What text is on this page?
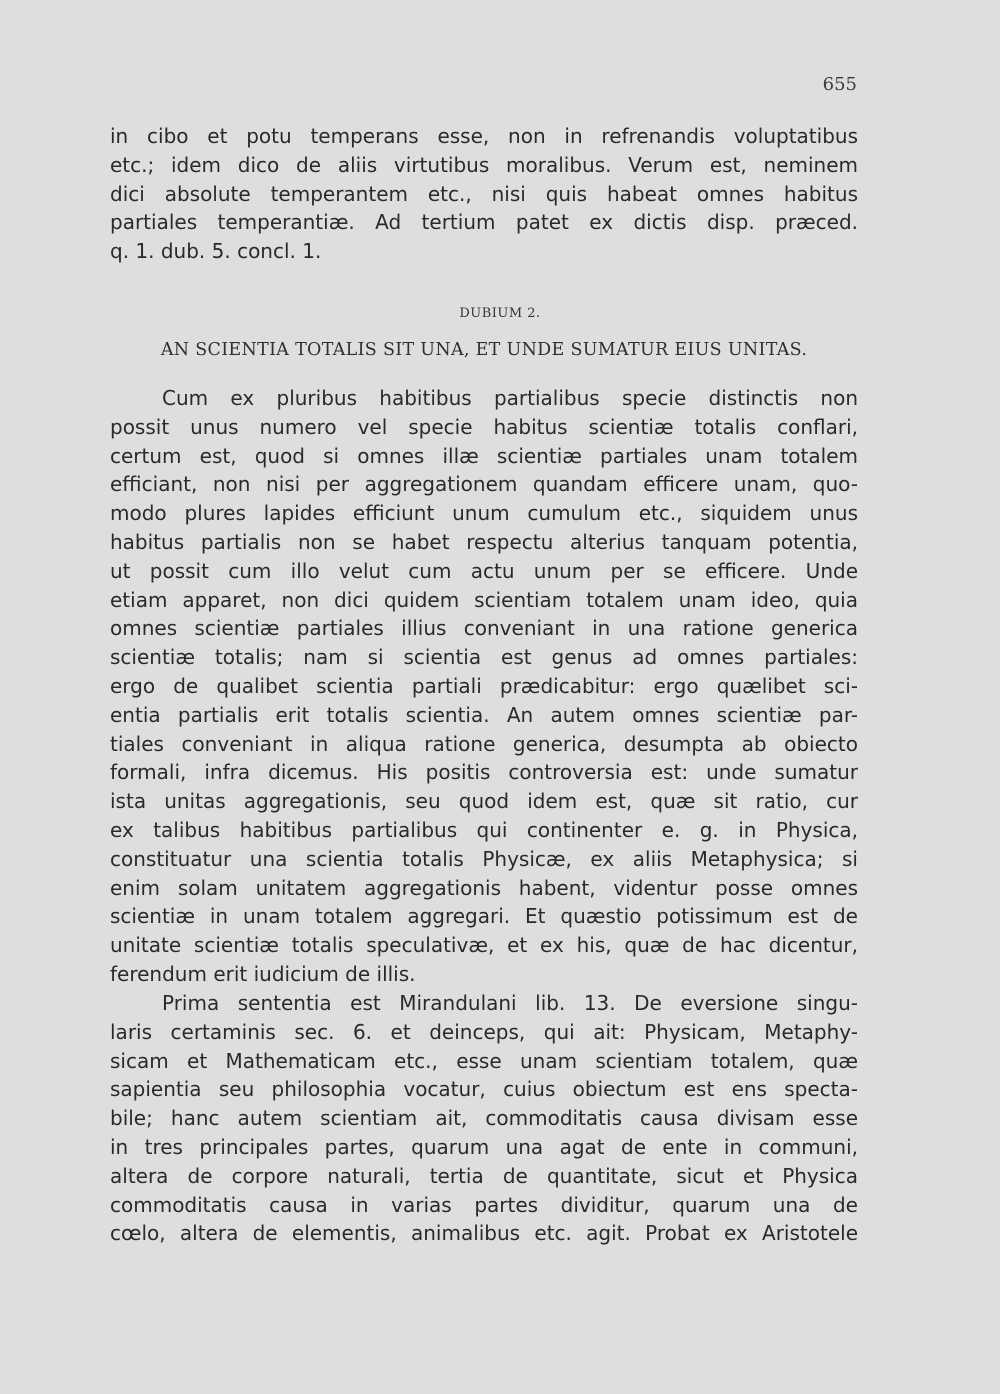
655
in cibo et potu temperans esse, non in refrenandis voluptatibus
etc.; idem dico de aliis virtutibus moralibus. Verum est, neminem
dici absolute temperantem etc., nisi quis habeat omnes habitus
partiales temperantiæ. Ad tertium patet ex dictis disp. præced.
q. 1. dub. 5. concl. 1.
DUBIUM 2.
AN SCIENTIA TOTALIS SIT UNA, ET UNDE SUMATUR EIUS UNITAS.
Cum ex pluribus habitibus partialibus specie distinctis non
possit unus numero vel specie habitus scientiæ totalis conflari,
certum est, quod si omnes illæ scientiæ partiales unam totalem
efficiant, non nisi per aggregationem quandam efficere unam, quo-
modo plures lapides efficiunt unum cumulum etc., siquidem unus
habitus partialis non se habet respectu alterius tanquam potentia,
ut possit cum illo velut cum actu unum per se efficere. Unde
etiam apparet, non dici quidem scientiam totalem unam ideo, quia
omnes scientiæ partiales illius conveniant in una ratione generica
scientiæ totalis; nam si scientia est genus ad omnes partiales:
ergo de qualibet scientia partiali prædicabitur: ergo quælibet sci-
entia partialis erit totalis scientia. An autem omnes scientiæ par-
tiales conveniant in aliqua ratione generica, desumpta ab obiecto
formali, infra dicemus. His positis controversia est: unde sumatur
ista unitas aggregationis, seu quod idem est, quæ sit ratio, cur
ex talibus habitibus partialibus qui continenter e. g. in Physica,
constituatur una scientia totalis Physicæ, ex aliis Metaphysica; si
enim solam unitatem aggregationis habent, videntur posse omnes
scientiæ in unam totalem aggregari. Et quæstio potissimum est de
unitate scientiæ totalis speculativæ, et ex his, quæ de hac dicentur,
ferendum erit iudicium de illis.
Prima sententia est Mirandulani lib. 13. De eversione singu-
laris certaminis sec. 6. et deinceps, qui ait: Physicam, Metaphy-
sicam et Mathematicam etc., esse unam scientiam totalem, quæ
sapientia seu philosophia vocatur, cuius obiectum est ens specta-
bile; hanc autem scientiam ait, commoditatis causa divisam esse
in tres principales partes, quarum una agat de ente in communi,
altera de corpore naturali, tertia de quantitate, sicut et Physica
commoditatis causa in varias partes dividitur, quarum una de
cœlo, altera de elementis, animalibus etc. agit. Probat ex Aristotele
